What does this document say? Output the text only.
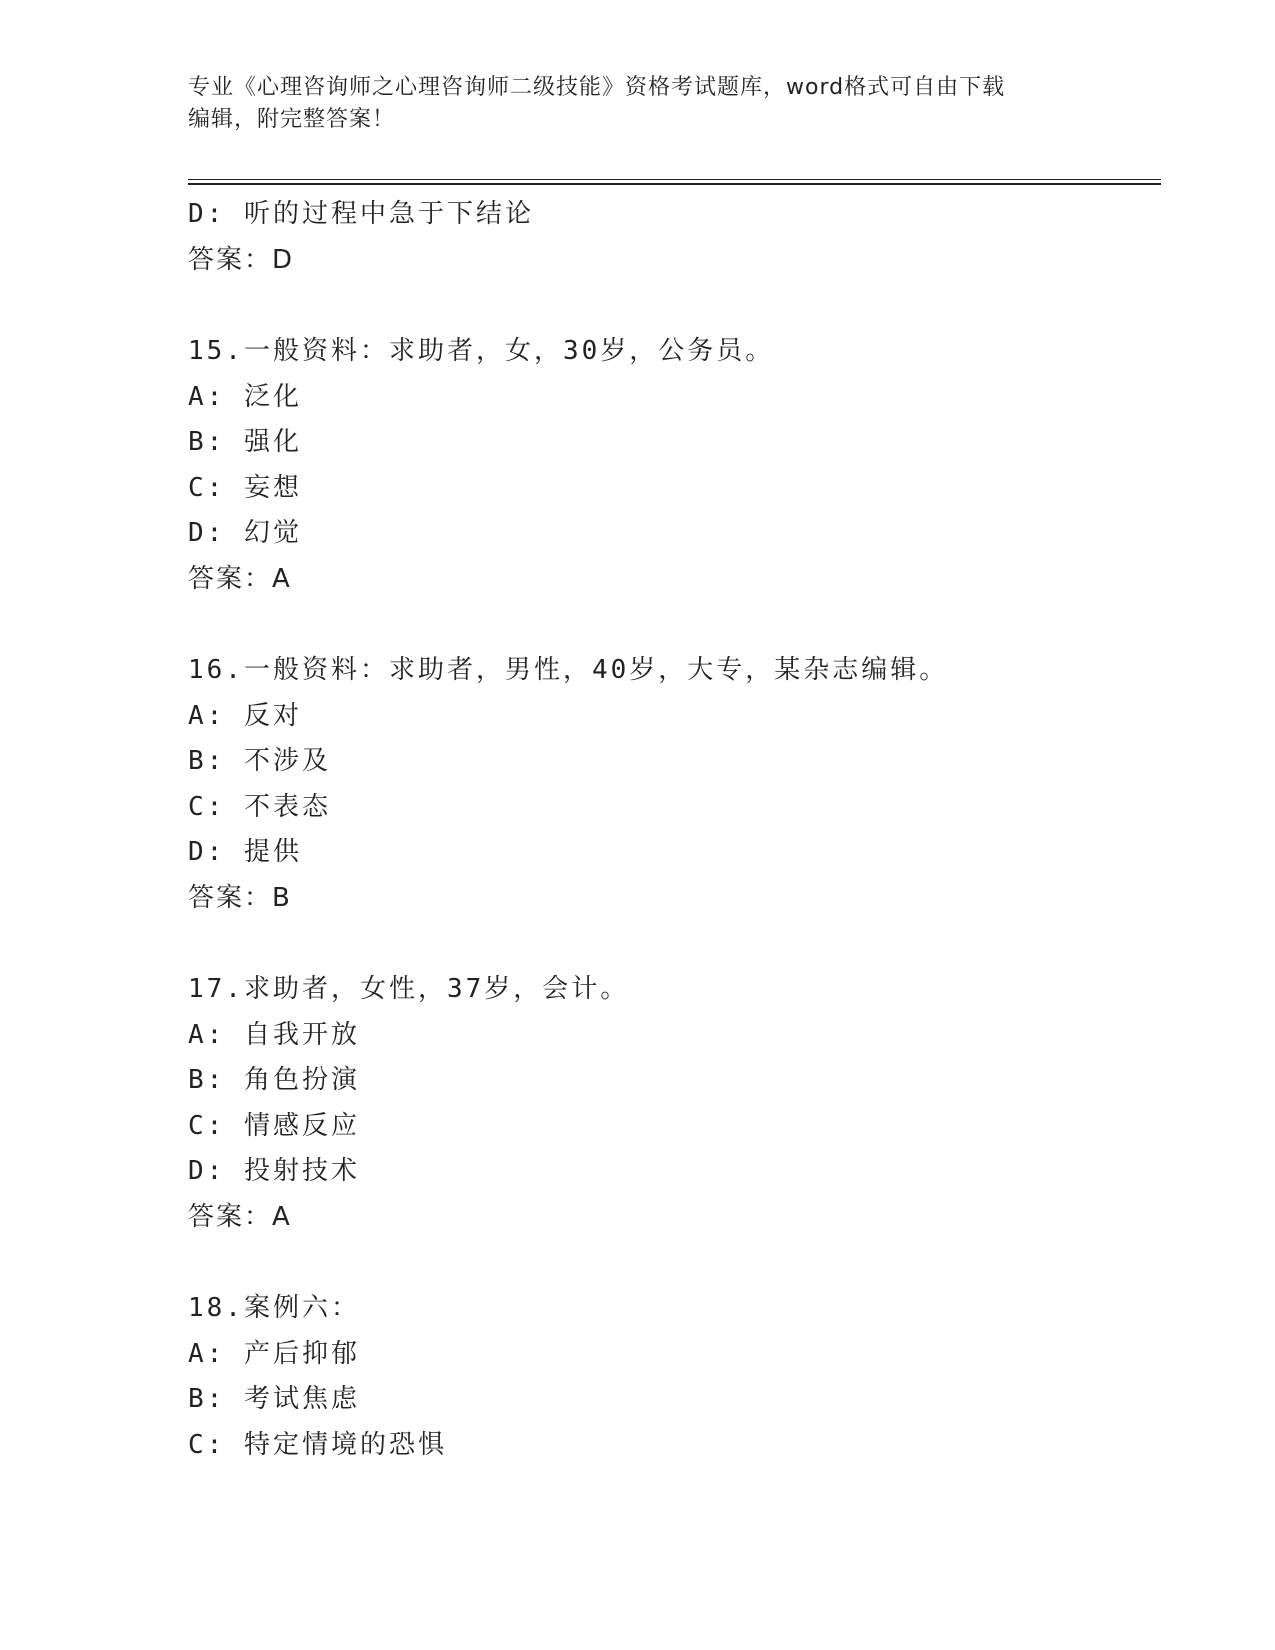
专业《心理咨询师之心理咨询师二级技能》资格考试题库，word格式可自由下载
编辑，附完整答案！
D: 听的过程中急于下结论
答案：D
15.一般资料：求助者，女，30岁，公务员。
A: 泛化
B: 强化
C: 妄想
D: 幻觉
答案：A
16.一般资料：求助者，男性，40岁，大专，某杂志编辑。
A: 反对
B: 不涉及
C: 不表态
D: 提供
答案：B
17.求助者，女性，37岁，会计。
A: 自我开放
B: 角色扮演
C: 情感反应
D: 投射技术
答案：A
18.案例六：
A: 产后抑郁
B: 考试焦虑
C: 特定情境的恐惧
